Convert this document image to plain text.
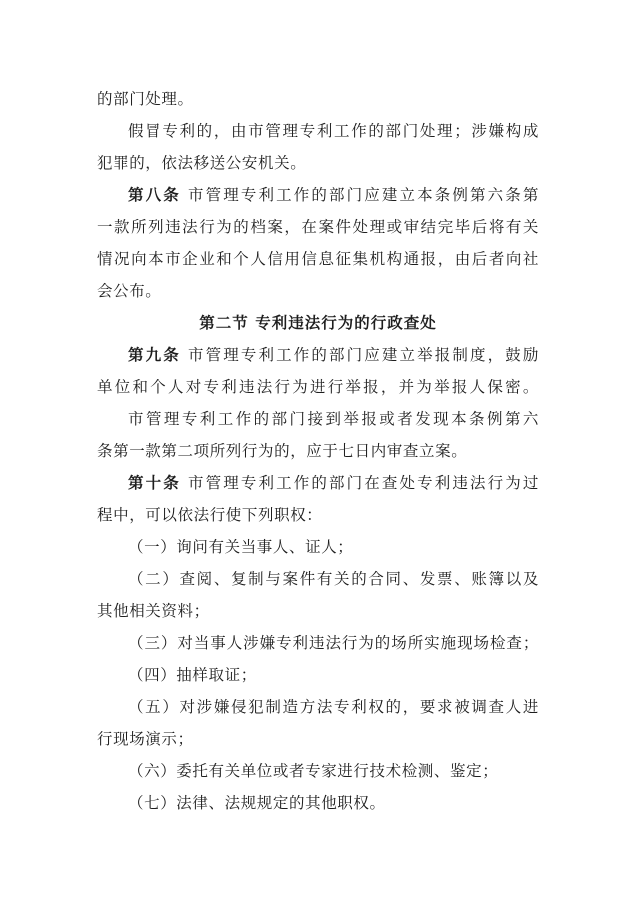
的部门处理。
假冒专利的，由市管理专利工作的部门处理；涉嫌构成
犯罪的，依法移送公安机关。
第八条 市管理专利工作的部门应建立本条例第六条第
一款所列违法行为的档案，在案件处理或审结完毕后将有关
情况向本市企业和个人信用信息征集机构通报，由后者向社
会公布。
第二节 专利违法行为的行政查处
第九条 市管理专利工作的部门应建立举报制度，鼓励
单位和个人对专利违法行为进行举报，并为举报人保密。
市管理专利工作的部门接到举报或者发现本条例第六
条第一款第二项所列行为的，应于七日内审查立案。
第十条 市管理专利工作的部门在查处专利违法行为过
程中，可以依法行使下列职权：
（一）询问有关当事人、证人；
（二）查阅、复制与案件有关的合同、发票、账簿以及
其他相关资料；
（三）对当事人涉嫌专利违法行为的场所实施现场检查；
（四）抽样取证；
（五）对涉嫌侵犯制造方法专利权的，要求被调查人进
行现场演示；
（六）委托有关单位或者专家进行技术检测、鉴定；
（七）法律、法规规定的其他职权。
